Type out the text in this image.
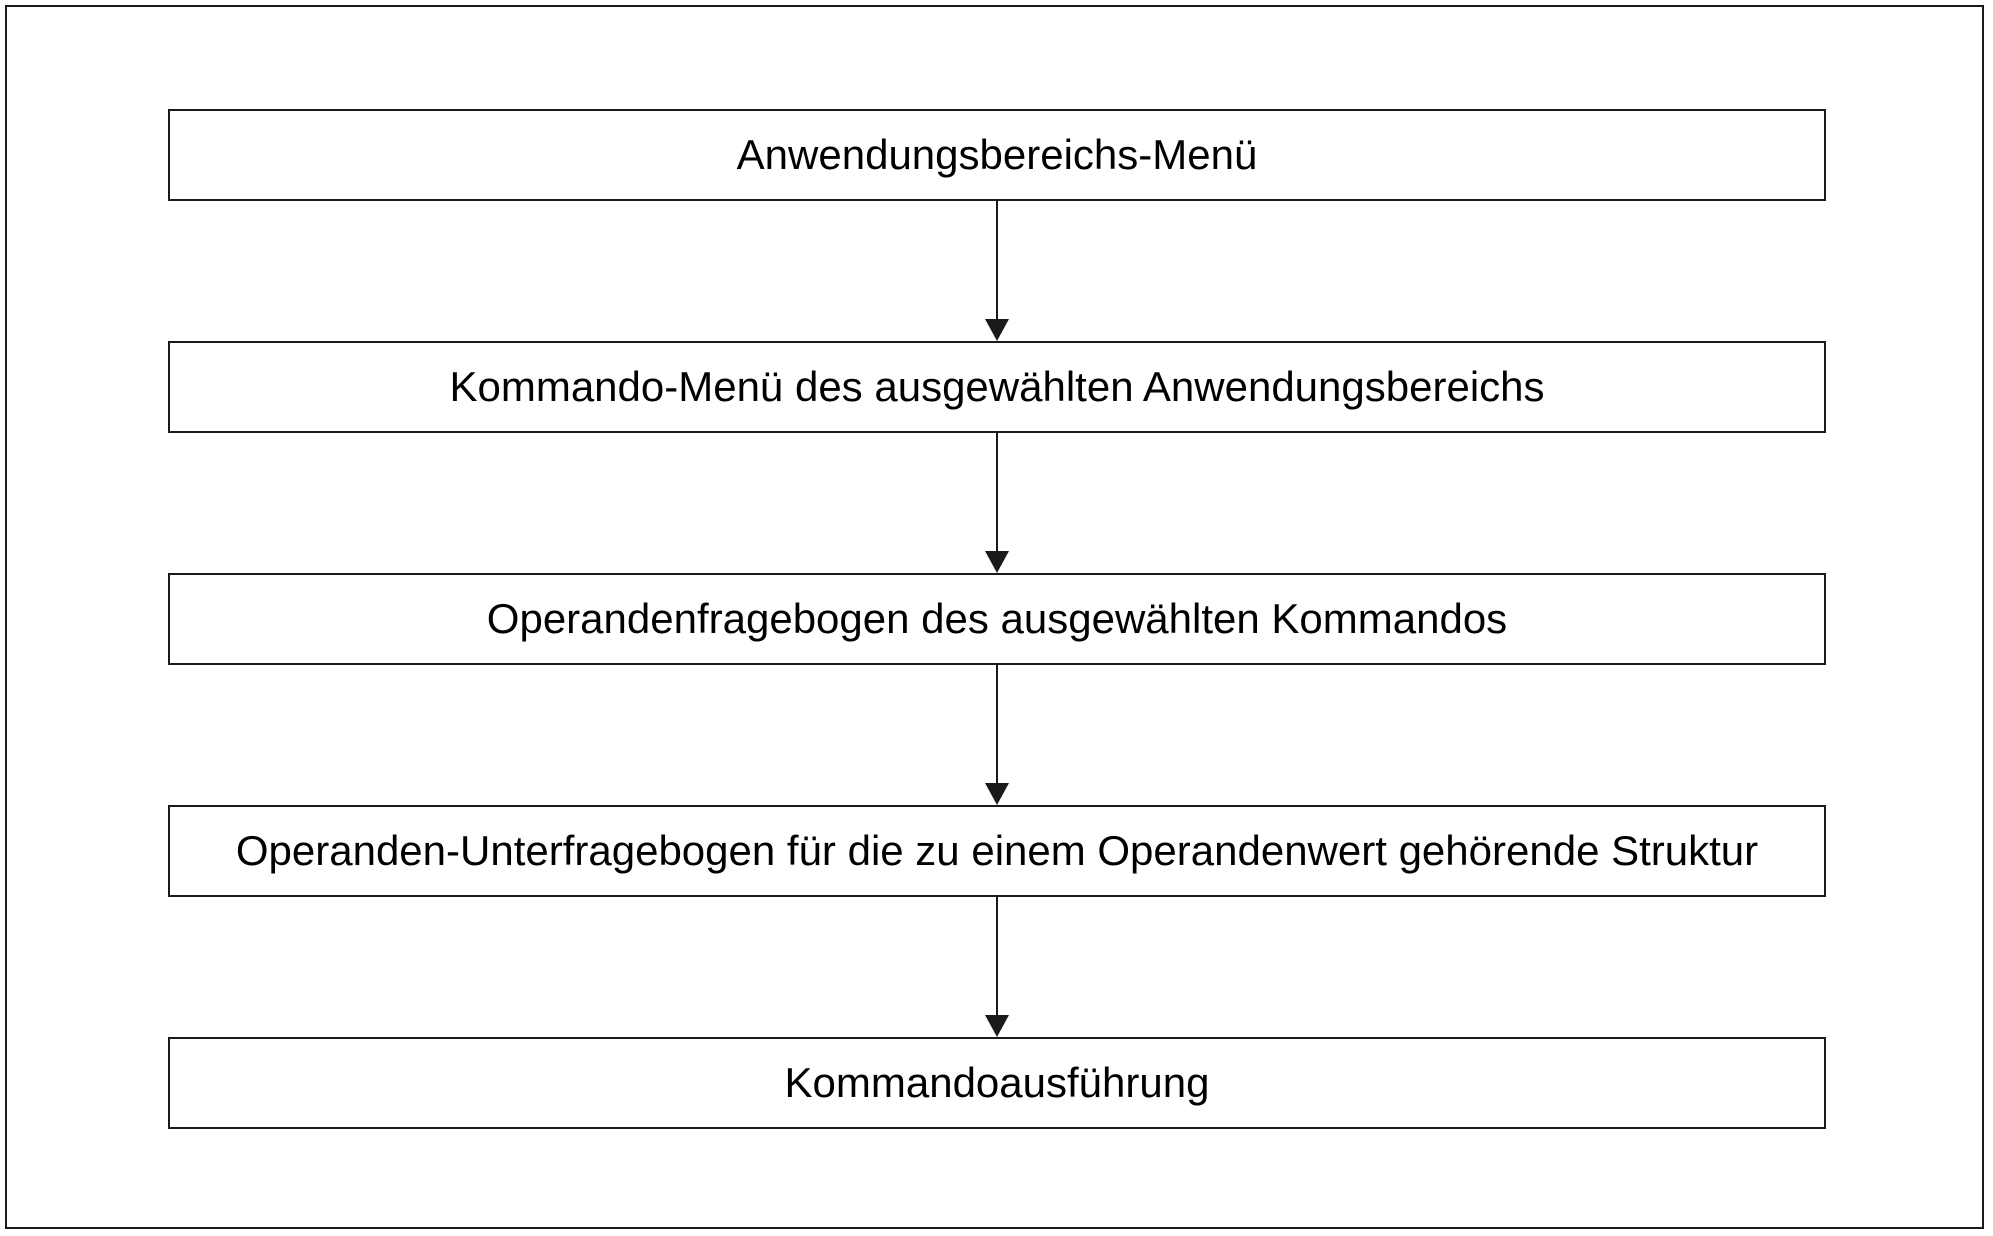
Anwendungsbereichs-Menü
Kommando-Menü des ausgewählten Anwendungsbereichs
Operandenfragebogen des ausgewählten Kommandos
Operanden-Unterfragebogen für die zu einem Operandenwert gehörende Struktur
Kommandoausführung
